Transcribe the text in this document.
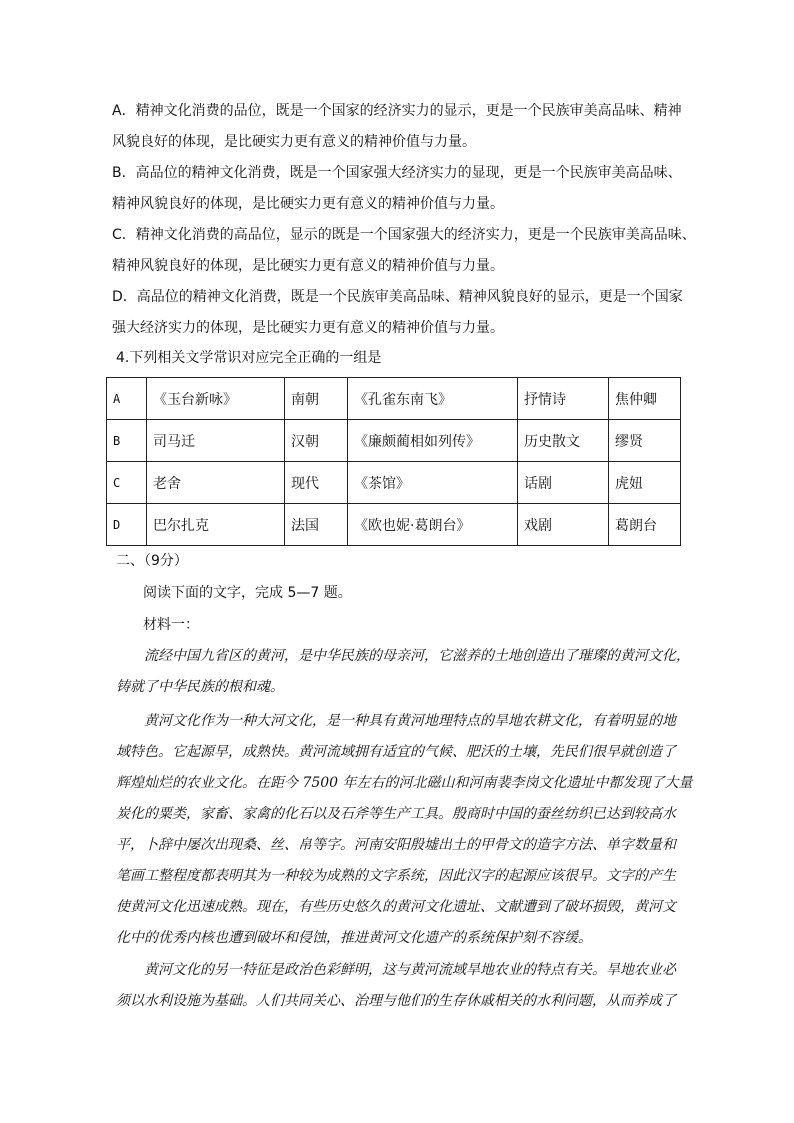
A．精神文化消费的品位，既是一个国家的经济实力的显示，更是一个民族审美高品味、精神
风貌良好的体现，是比硬实力更有意义的精神价值与力量。
B．高品位的精神文化消费，既是一个国家强大经济实力的显现，更是一个民族审美高品味、
精神风貌良好的体现，是比硬实力更有意义的精神价值与力量。
C．精神文化消费的高品位，显示的既是一个国家强大的经济实力，更是一个民族审美高品味、
精神风貌良好的体现，是比硬实力更有意义的精神价值与力量。
D．高品位的精神文化消费，既是一个民族审美高品味、精神风貌良好的显示，更是一个国家
强大经济实力的体现，是比硬实力更有意义的精神价值与力量。
4.下列相关文学常识对应完全正确的一组是
A	《玉台新咏》	南朝	《孔雀东南飞》	抒情诗	焦仲卿
B	司马迁	汉朝	《廉颇蔺相如列传》	历史散文	缪贤
C	老舍	现代	《茶馆》	话剧	虎妞
D	巴尔扎克	法国	《欧也妮·葛朗台》	戏剧	葛朗台
二、（9分）
阅读下面的文字，完成 5—7 题。
材料一：
流经中国九省区的黄河，是中华民族的母亲河，它滋养的土地创造出了璀璨的黄河文化，
铸就了中华民族的根和魂。
黄河文化作为一种大河文化，是一种具有黄河地理特点的旱地农耕文化，有着明显的地
域特色。它起源早，成熟快。黄河流域拥有适宜的气候、肥沃的土壤，先民们很早就创造了
辉煌灿烂的农业文化。在距今 7500 年左右的河北磁山和河南裴李岗文化遗址中都发现了大量
炭化的粟类，家畜、家禽的化石以及石斧等生产工具。殷商时中国的蚕丝纺织已达到较高水
平，卜辞中屡次出现桑、丝、帛等字。河南安阳殷墟出土的甲骨文的造字方法、单字数量和
笔画工整程度都表明其为一种较为成熟的文字系统，因此汉字的起源应该很早。文字的产生
使黄河文化迅速成熟。现在，有些历史悠久的黄河文化遗址、文献遭到了破坏损毁，黄河文
化中的优秀内核也遭到破坏和侵蚀，推进黄河文化遗产的系统保护刻不容缓。
黄河文化的另一特征是政治色彩鲜明，这与黄河流域旱地农业的特点有关。旱地农业必
须以水利设施为基础。人们共同关心、治理与他们的生存休戚相关的水利问题，从而养成了
